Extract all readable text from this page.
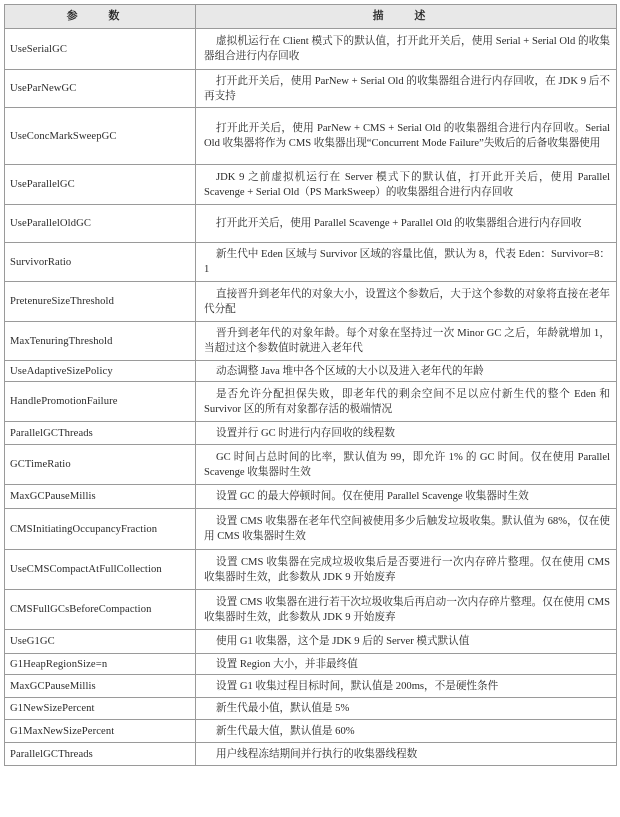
参 数	描 述
UseSerialGC	虚拟机运行在 Client 模式下的默认值，打开此开关后，使用 Serial + Serial Old 的收集器组合进行内存回收

UseParNewGC	打开此开关后，使用 ParNew + Serial Old 的收集器组合进行内存回收，在 JDK 9 后不再支持

UseConcMarkSweepGC	打开此开关后，使用 ParNew + CMS + Serial Old 的收集器组合进行内存回收。Serial Old 收集器将作为 CMS 收集器出现“Concurrent Mode Failure”失败后的后备收集器使用

UseParallelGC	JDK 9 之前虚拟机运行在 Server 模式下的默认值，打开此开关后，使用 Parallel Scavenge + Serial Old（PS MarkSweep）的收集器组合进行内存回收

UseParallelOldGC	打开此开关后，使用 Parallel Scavenge + Parallel Old 的收集器组合进行内存回收

SurvivorRatio	新生代中 Eden 区域与 Survivor 区域的容量比值，默认为 8，代表 Eden：Survivor=8：1

PretenureSizeThreshold	直接晋升到老年代的对象大小，设置这个参数后，大于这个参数的对象将直接在老年代分配

MaxTenuringThreshold	晋升到老年代的对象年龄。每个对象在坚持过一次 Minor GC 之后，年龄就增加 1，当超过这个参数值时就进入老年代

UseAdaptiveSizePolicy	动态调整 Java 堆中各个区域的大小以及进入老年代的年龄

HandlePromotionFailure	是否允许分配担保失败，即老年代的剩余空间不足以应付新生代的整个 Eden 和 Survivor 区的所有对象都存活的极端情况

ParallelGCThreads	设置并行 GC 时进行内存回收的线程数

GCTimeRatio	GC 时间占总时间的比率，默认值为 99，即允许 1% 的 GC 时间。仅在使用 Parallel Scavenge 收集器时生效

MaxGCPauseMillis	设置 GC 的最大停顿时间。仅在使用 Parallel Scavenge 收集器时生效

CMSInitiatingOccupancyFraction	设置 CMS 收集器在老年代空间被使用多少后触发垃圾收集。默认值为 68%，仅在使用 CMS 收集器时生效

UseCMSCompactAtFullCollection	设置 CMS 收集器在完成垃圾收集后是否要进行一次内存碎片整理。仅在使用 CMS 收集器时生效，此参数从 JDK 9 开始废弃

CMSFullGCsBeforeCompaction	设置 CMS 收集器在进行若干次垃圾收集后再启动一次内存碎片整理。仅在使用 CMS 收集器时生效，此参数从 JDK 9 开始废弃

UseG1GC	使用 G1 收集器，这个是 JDK 9 后的 Server 模式默认值

G1HeapRegionSize=n	设置 Region 大小，并非最终值

MaxGCPauseMillis	设置 G1 收集过程目标时间，默认值是 200ms，不是硬性条件

G1NewSizePercent	新生代最小值，默认值是 5%

G1MaxNewSizePercent	新生代最大值，默认值是 60%

ParallelGCThreads	用户线程冻结期间并行执行的收集器线程数
